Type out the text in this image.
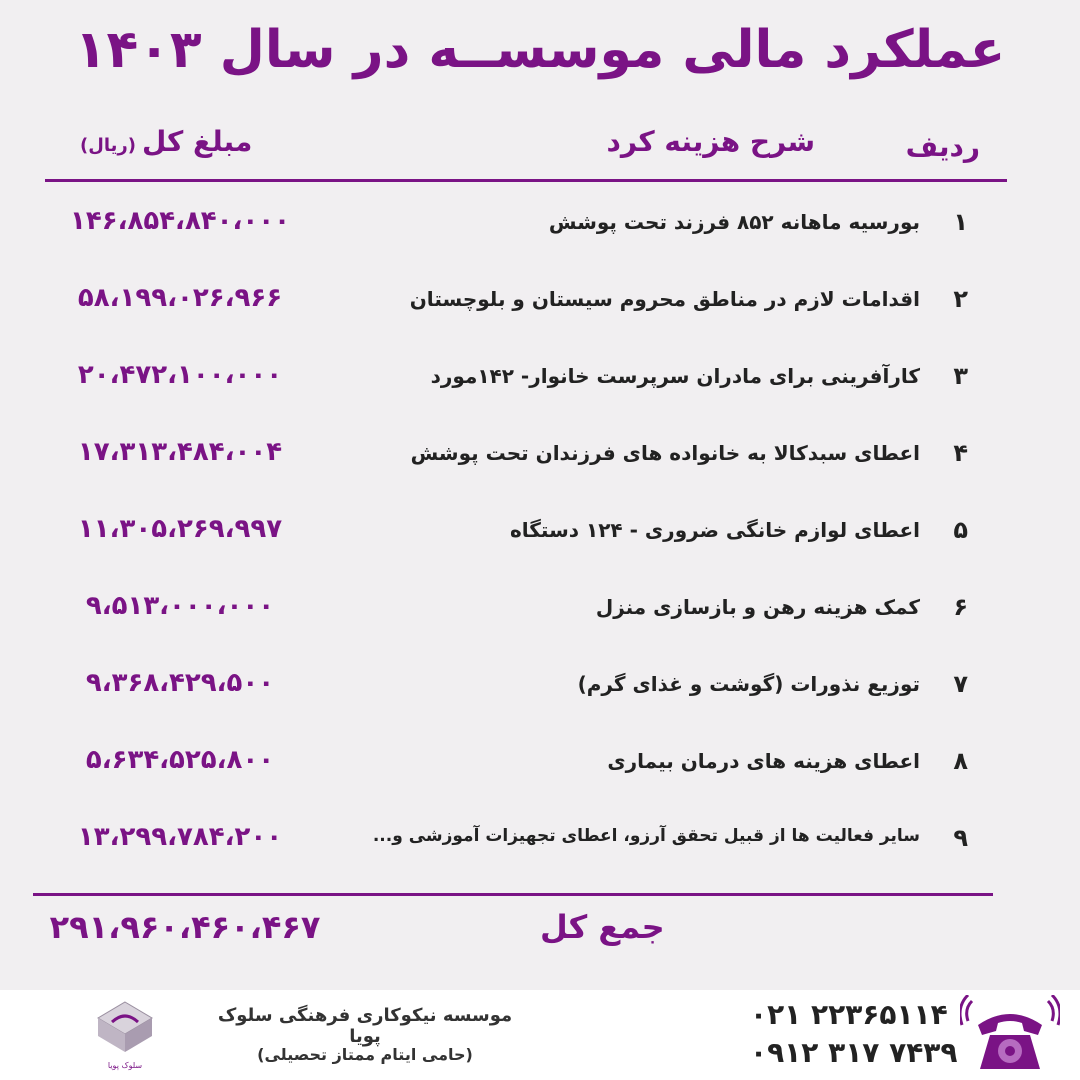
عملکرد مالی موسســه در سال ۱۴۰۳
ردیف
شرح هزینه کرد
مبلغ کل(ریال)
۱
بورسیه ماهانه ۸۵۲ فرزند تحت پوشش
۱۴۶،۸۵۴،۸۴۰،۰۰۰
۲
اقدامات لازم در مناطق محروم سیستان و بلوچستان
۵۸،۱۹۹،۰۲۶،۹۶۶
۳
کارآفرینی برای مادران سرپرست خانوار- ۱۴۲مورد
۲۰،۴۷۲،۱۰۰،۰۰۰
۴
اعطای سبدکالا به خانواده های فرزندان تحت پوشش
۱۷،۳۱۳،۴۸۴،۰۰۴
۵
اعطای لوازم خانگی ضروری - ۱۲۴ دستگاه
۱۱،۳۰۵،۲۶۹،۹۹۷
۶
کمک هزینه رهن و بازسازی منزل
۹،۵۱۳،۰۰۰،۰۰۰
۷
توزیع نذورات (گوشت و غذای گرم)
۹،۳۶۸،۴۲۹،۵۰۰
۸
اعطای هزینه های درمان بیماری
۵،۶۳۴،۵۲۵،۸۰۰
۹
سایر فعالیت ها از قبیل تحقق آرزو، اعطای تجهیزات آموزشی و...
۱۳،۲۹۹،۷۸۴،۲۰۰
جمع کل
۲۹۱،۹۶۰،۴۶۰،۴۶۷
سلوک پویا
موسسه نیکوکاری فرهنگی سلوک پویا
(حامی ایتام ممتاز تحصیلی)
۰۲۱ ۲۲۳۶۵۱۱۴
۰۹۱۲ ۳۱۷ ۷۴۳۹
